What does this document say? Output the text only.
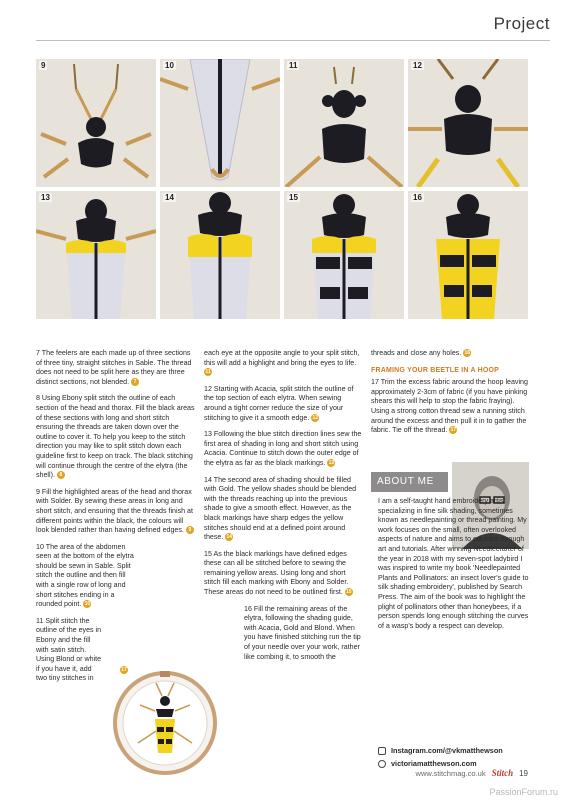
Project
9	10	11	12
13	14	15	16

7 The feelers are each made up of three sections of three tiny, straight stitches in Sable. The thread does not need to be split here as they are three distinct sections, not blended. 7

8 Using Ebony split stitch the outline of each section of the head and thorax. Fill the black areas of these sections with long and short stitch ensuring the threads are taken down over the outline to cover it. To help you keep to the stitch direction you may like to split stitch down each guideline first to keep on track. The black stitching will continue through the centre of the elytra (the shell). 8

9 Fill the highlighted areas of the head and thorax with Solder. By sewing these areas in long and short stitch, and ensuring that the threads finish at different points within the black, the colours will look blended rather than having defined edges. 9

10 The area of the abdomen seen at the bottom of the elytra should be sewn in Sable. Split stitch the outline and then fill with a single row of long and short stitches ending in a rounded point. 10

11 Split stitch the outline of the eyes in Ebony and the fill with satin stitch. Using Blond or white if you have it, add two tiny stitches in

each eye at the opposite angle to your split stitch, this will add a highlight and bring the eyes to life. 11

12 Starting with Acacia, split stitch the outline of the top section of each elytra. When sewing around a tight corner reduce the size of your stitching to give it a smooth edge. 12

13 Following the blue stitch direction lines sew the first area of shading in long and short stitch using Acacia. Continue to stitch down the outer edge of the elytra as far as the black markings. 13

14 The second area of shading should be filled with Gold. The yellow shades should be blended with the threads reaching up into the previous shade to give a smooth effect. However, as the black markings have sharp edges the yellow stitches should end at a defined point around these. 14

15 As the black markings have defined edges these can all be stitched before to sewing the remaining yellow areas. Using long and short stitch fill each marking with Ebony and Solder. These areas do not need to be outlined first. 15

16 Fill the remaining areas of the elytra, following the shading guide, with Acacia, Gold and Blond. When you have finished stitching run the tip of your needle over your work, rather like combing it, to smooth the

threads and close any holes. 16

FRAMING YOUR BEETLE IN A HOOP

17 Trim the excess fabric around the hoop leaving approximately 2-3cm of fabric (if you have pinking shears this will help to stop the fabric fraying). Using a strong cotton thread sew a running stitch around the excess and then pull it in to gather the fabric. Tie off the thread. 17

17
ABOUT ME
I am a self-taught hand embroidery artist specializing in fine silk shading, sometimes known as needlepainting or thread painting. My work focuses on the small, often overlooked aspects of nature and aims to educate through art and tutorials. After winning Needlecrafter of the year in 2018 with my seven-spot ladybird I was inspired to write my book 'Needlepainted Plants and Pollinators: an insect lover's guide to silk shading embroidery', published by Search Press. The aim of the book was to highlight the plight of pollinators other than honeybees, if a person spends long enough stitching the curves of a wasp's body a respect can develop.
Instagram.com/@vkmatthewson
victoriamatthewson.com
www.stitchmag.co.uk Stitch 19
PassionForum.ru
